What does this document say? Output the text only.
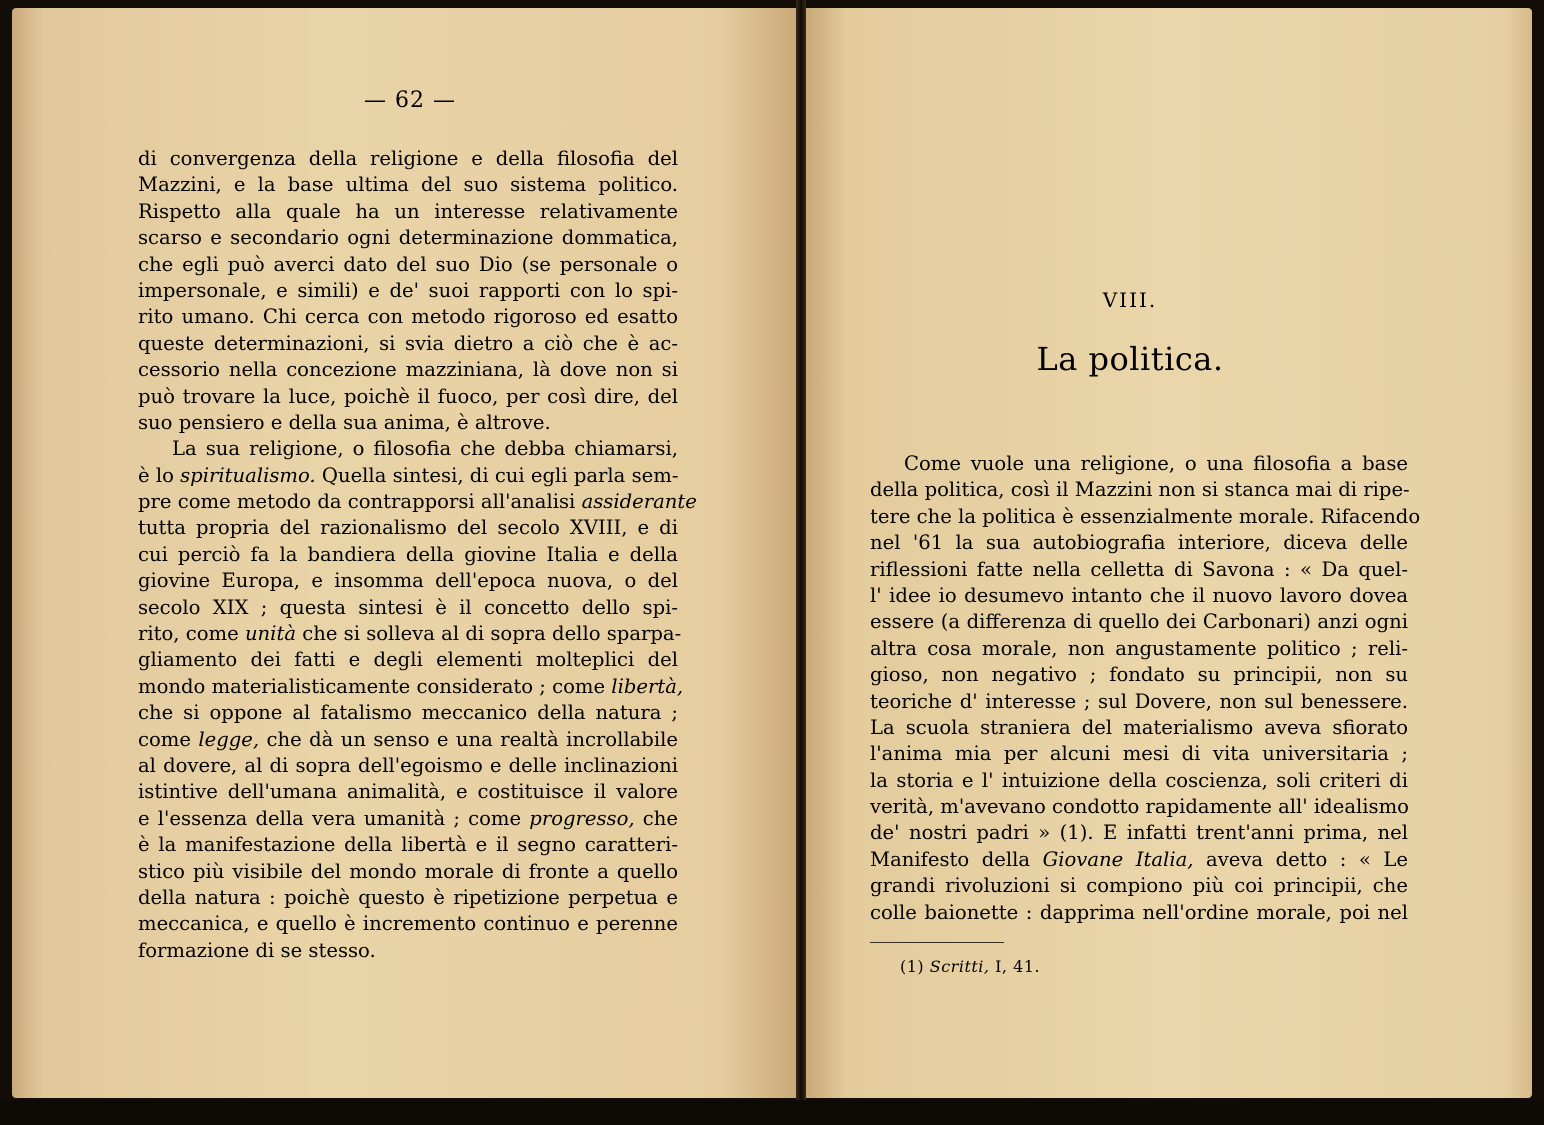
— 62 —
di convergenza della religione e della filosofia del
Mazzini, e la base ultima del suo sistema politico.
Rispetto alla quale ha un interesse relativamente
scarso e secondario ogni determinazione dommatica,
che egli può averci dato del suo Dio (se personale o
impersonale, e simili) e de' suoi rapporti con lo spi-
rito umano. Chi cerca con metodo rigoroso ed esatto
queste determinazioni, si svia dietro a ciò che è ac-
cessorio nella concezione mazziniana, là dove non si
può trovare la luce, poichè il fuoco, per così dire, del
suo pensiero e della sua anima, è altrove.
La sua religione, o filosofia che debba chiamarsi,
è lo spiritualismo. Quella sintesi, di cui egli parla sem-
pre come metodo da contrapporsi all'analisi assiderante
tutta propria del razionalismo del secolo XVIII, e di
cui perciò fa la bandiera della giovine Italia e della
giovine Europa, e insomma dell'epoca nuova, o del
secolo XIX ; questa sintesi è il concetto dello spi-
rito, come unità che si solleva al di sopra dello sparpa-
gliamento dei fatti e degli elementi molteplici del
mondo materialisticamente considerato ; come libertà,
che si oppone al fatalismo meccanico della natura ;
come legge, che dà un senso e una realtà incrollabile
al dovere, al di sopra dell'egoismo e delle inclinazioni
istintive dell'umana animalità, e costituisce il valore
e l'essenza della vera umanità ; come progresso, che
è la manifestazione della libertà e il segno caratteri-
stico più visibile del mondo morale di fronte a quello
della natura : poichè questo è ripetizione perpetua e
meccanica, e quello è incremento continuo e perenne
formazione di se stesso.
VIII.
La politica.
Come vuole una religione, o una filosofia a base
della politica, così il Mazzini non si stanca mai di ripe-
tere che la politica è essenzialmente morale. Rifacendo
nel '61 la sua autobiografia interiore, diceva delle
riflessioni fatte nella celletta di Savona : « Da quel-
l' idee io desumevo intanto che il nuovo lavoro dovea
essere (a differenza di quello dei Carbonari) anzi ogni
altra cosa morale, non angustamente politico ; reli-
gioso, non negativo ; fondato su principii, non su
teoriche d' interesse ; sul Dovere, non sul benessere.
La scuola straniera del materialismo aveva sfiorato
l'anima mia per alcuni mesi di vita universitaria ;
la storia e l' intuizione della coscienza, soli criteri di
verità, m'avevano condotto rapidamente all' idealismo
de' nostri padri » (1). E infatti trent'anni prima, nel
Manifesto della Giovane Italia, aveva detto : « Le
grandi rivoluzioni si compiono più coi principii, che
colle baionette : dapprima nell'ordine morale, poi nel
(1) Scritti, I, 41.
